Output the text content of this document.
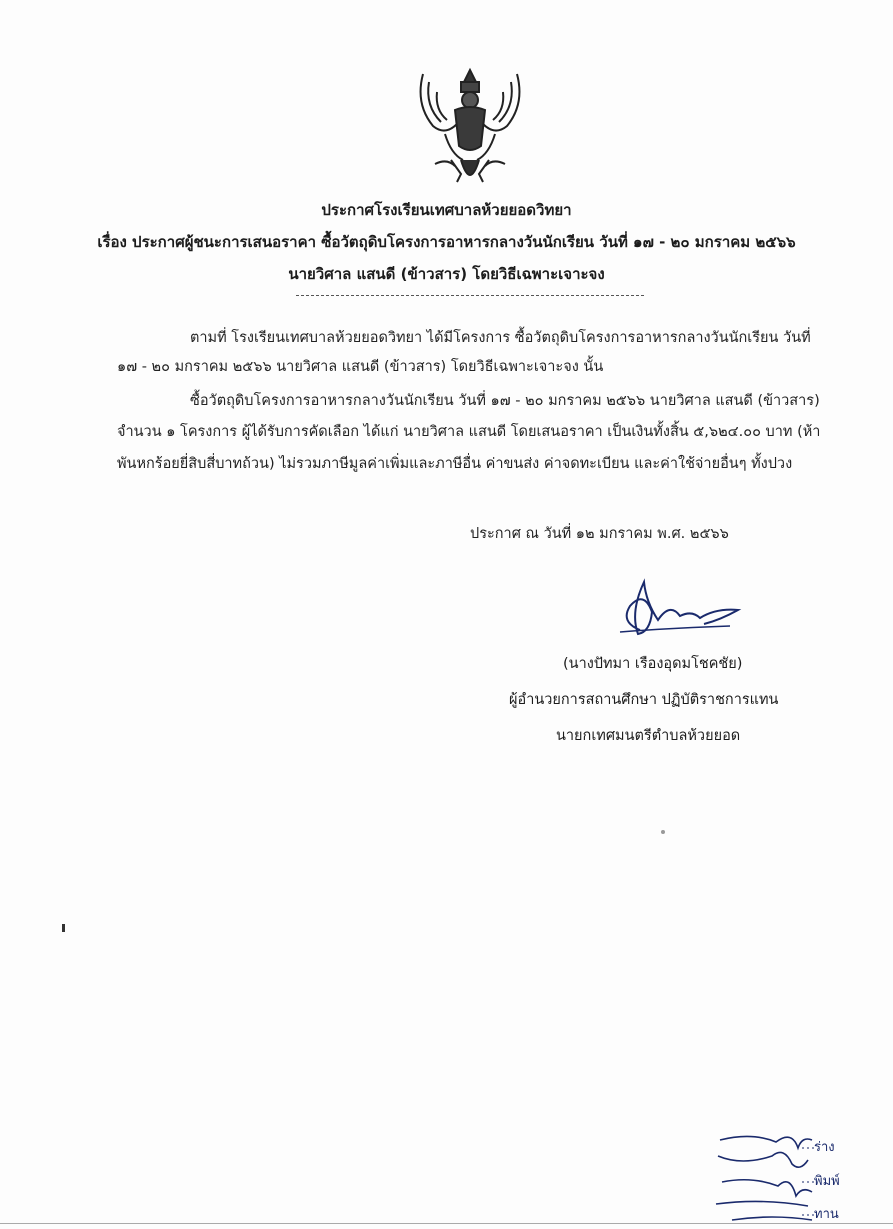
ประกาศโรงเรียนเทศบาลห้วยยอดวิทยา
เรื่อง ประกาศผู้ชนะการเสนอราคา ซื้อวัตถุดิบโครงการอาหารกลางวันนักเรียน วันที่ ๑๗ - ๒๐ มกราคม ๒๕๖๖
นายวิศาล แสนดี (ข้าวสาร) โดยวิธีเฉพาะเจาะจง
ตามที่ โรงเรียนเทศบาลห้วยยอดวิทยา ได้มีโครงการ ซื้อวัตถุดิบโครงการอาหารกลางวันนักเรียน วันที่
๑๗ - ๒๐ มกราคม ๒๕๖๖ นายวิศาล แสนดี (ข้าวสาร) โดยวิธีเฉพาะเจาะจง นั้น
ซื้อวัตถุดิบโครงการอาหารกลางวันนักเรียน วันที่ ๑๗ - ๒๐ มกราคม ๒๕๖๖ นายวิศาล แสนดี (ข้าวสาร)
จำนวน ๑ โครงการ ผู้ได้รับการคัดเลือก ได้แก่ นายวิศาล แสนดี โดยเสนอราคา เป็นเงินทั้งสิ้น ๕,๖๒๔.๐๐ บาท (ห้า
พันหกร้อยยี่สิบสี่บาทถ้วน) ไม่รวมภาษีมูลค่าเพิ่มและภาษีอื่น ค่าขนส่ง ค่าจดทะเบียน และค่าใช้จ่ายอื่นๆ ทั้งปวง
ประกาศ ณ วันที่ ๑๒ มกราคม พ.ศ. ๒๕๖๖
(นางปัทมา เรืองอุดมโชคชัย)
ผู้อำนวยการสถานศึกษา ปฏิบัติราชการแทน
นายกเทศมนตรีตำบลห้วยยอด
ร่าง
พิมพ์
ทาน
